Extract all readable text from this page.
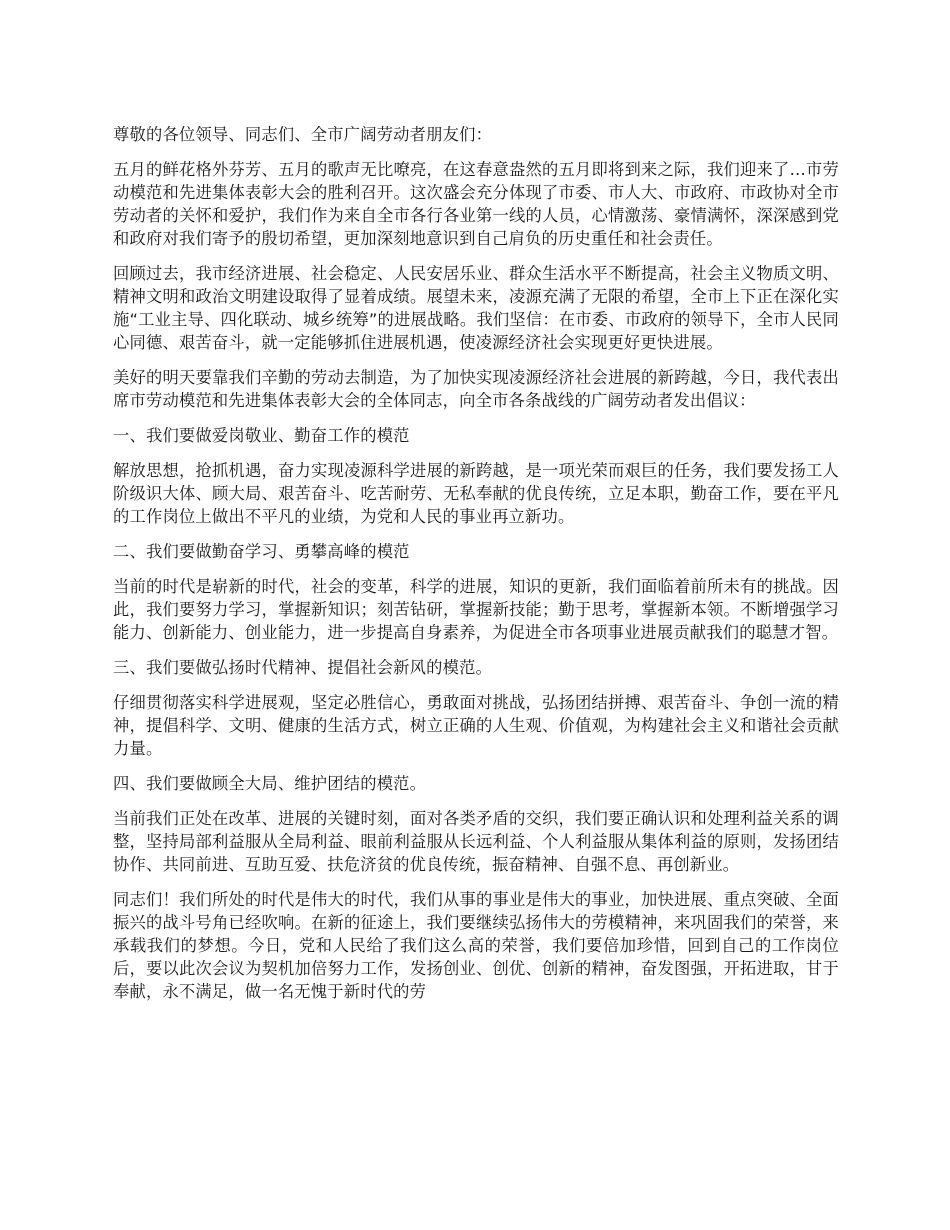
尊敬的各位领导、同志们、全市广阔劳动者朋友们：

五月的鲜花格外芬芳、五月的歌声无比嘹亮，在这春意盎然的五月即将到来之际，我们迎来了…市劳动模范和先进集体表彰大会的胜利召开。这次盛会充分体现了市委、市人大、市政府、市政协对全市劳动者的关怀和爱护，我们作为来自全市各行各业第一线的人员，心情激荡、豪情满怀，深深感到党和政府对我们寄予的殷切希望，更加深刻地意识到自己肩负的历史重任和社会责任。

回顾过去，我市经济进展、社会稳定、人民安居乐业、群众生活水平不断提高，社会主义物质文明、精神文明和政治文明建设取得了显着成绩。展望未来，凌源充满了无限的希望，全市上下正在深化实施“工业主导、四化联动、城乡统筹”的进展战略。我们坚信：在市委、市政府的领导下，全市人民同心同德、艰苦奋斗，就一定能够抓住进展机遇，使凌源经济社会实现更好更快进展。

美好的明天要靠我们辛勤的劳动去制造，为了加快实现凌源经济社会进展的新跨越，今日，我代表出席市劳动模范和先进集体表彰大会的全体同志，向全市各条战线的广阔劳动者发出倡议：

一、我们要做爱岗敬业、勤奋工作的模范

解放思想，抢抓机遇，奋力实现凌源科学进展的新跨越，是一项光荣而艰巨的任务，我们要发扬工人阶级识大体、顾大局、艰苦奋斗、吃苦耐劳、无私奉献的优良传统，立足本职，勤奋工作，要在平凡的工作岗位上做出不平凡的业绩，为党和人民的事业再立新功。

二、我们要做勤奋学习、勇攀高峰的模范

当前的时代是崭新的时代，社会的变革，科学的进展，知识的更新，我们面临着前所未有的挑战。因此，我们要努力学习，掌握新知识；刻苦钻研，掌握新技能；勤于思考，掌握新本领。不断增强学习能力、创新能力、创业能力，进一步提高自身素养，为促进全市各项事业进展贡献我们的聪慧才智。

三、我们要做弘扬时代精神、提倡社会新风的模范。

仔细贯彻落实科学进展观，坚定必胜信心，勇敢面对挑战，弘扬团结拼搏、艰苦奋斗、争创一流的精神，提倡科学、文明、健康的生活方式，树立正确的人生观、价值观，为构建社会主义和谐社会贡献力量。

四、我们要做顾全大局、维护团结的模范。

当前我们正处在改革、进展的关键时刻，面对各类矛盾的交织，我们要正确认识和处理利益关系的调整，坚持局部利益服从全局利益、眼前利益服从长远利益、个人利益服从集体利益的原则，发扬团结协作、共同前进、互助互爱、扶危济贫的优良传统，振奋精神、自强不息、再创新业。

同志们！我们所处的时代是伟大的时代，我们从事的事业是伟大的事业，加快进展、重点突破、全面振兴的战斗号角已经吹响。在新的征途上，我们要继续弘扬伟大的劳模精神，来巩固我们的荣誉，来承载我们的梦想。今日，党和人民给了我们这么高的荣誉，我们要倍加珍惜，回到自己的工作岗位后，要以此次会议为契机加倍努力工作，发扬创业、创优、创新的精神，奋发图强，开拓进取，甘于奉献，永不满足，做一名无愧于新时代的劳
